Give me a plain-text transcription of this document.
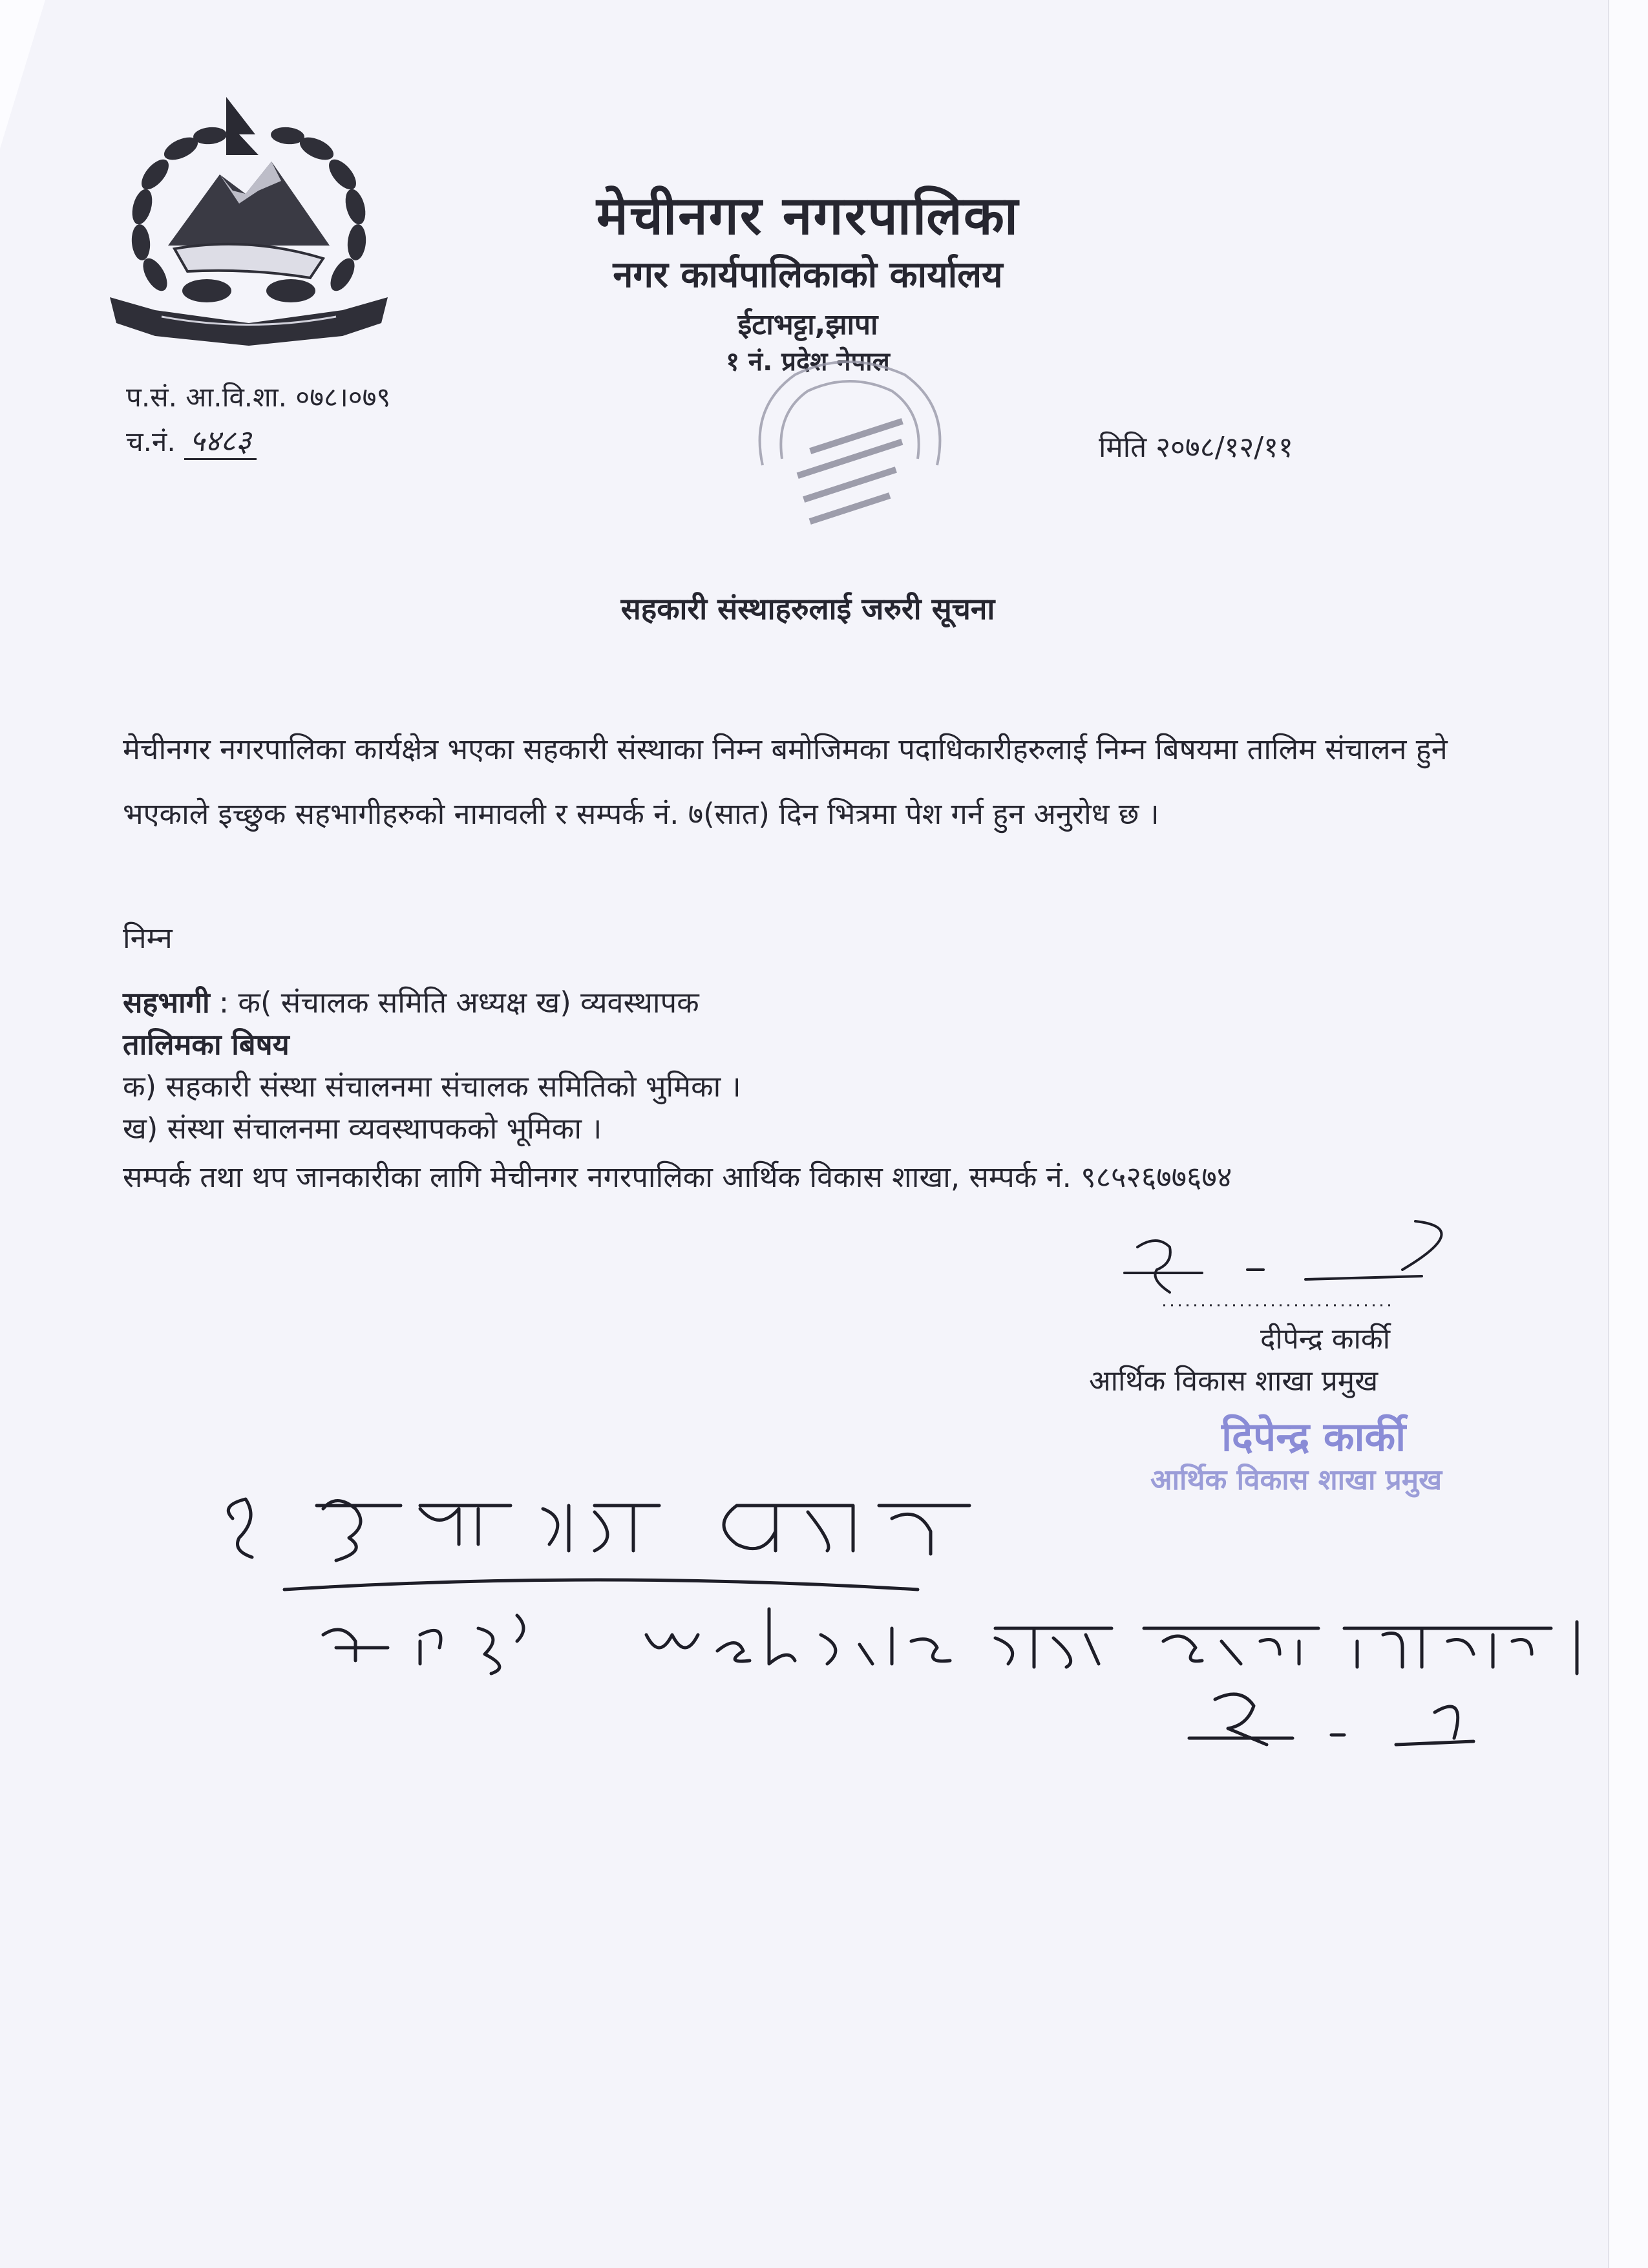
मेचीनगर नगरपालिका
नगर कार्यपालिकाको कार्यालय
ईटाभट्टा,झापा
१ नं. प्रदेश नेपाल
प.सं. आ.वि.शा. ०७८।०७९
च.नं. ५४८३	मिति २०७८/१२/११
सहकारी संस्थाहरुलाई जरुरी सूचना
मेचीनगर नगरपालिका कार्यक्षेत्र भएका सहकारी संस्थाका निम्न बमोजिमका पदाधिकारीहरुलाई निम्न बिषयमा तालिम संचालन हुने भएकाले इच्छुक सहभागीहरुको नामावली र सम्पर्क नं. ७(सात) दिन भित्रमा पेश गर्न हुन अनुरोध छ ।
निम्न
सहभागी : क( संचालक समिति अध्यक्ष ख) व्यवस्थापक
तालिमका बिषय
क) सहकारी संस्था संचालनमा संचालक समितिको भुमिका ।
ख) संस्था संचालनमा व्यवस्थापकको भूमिका ।
सम्पर्क तथा थप जानकारीका लागि मेचीनगर नगरपालिका आर्थिक विकास शाखा, सम्पर्क नं. ९८५२६७७६७४
दीपेन्द्र कार्की
आर्थिक विकास शाखा प्रमुख
दिपेन्द्र कार्की
आर्थिक विकास शाखा प्रमुख
